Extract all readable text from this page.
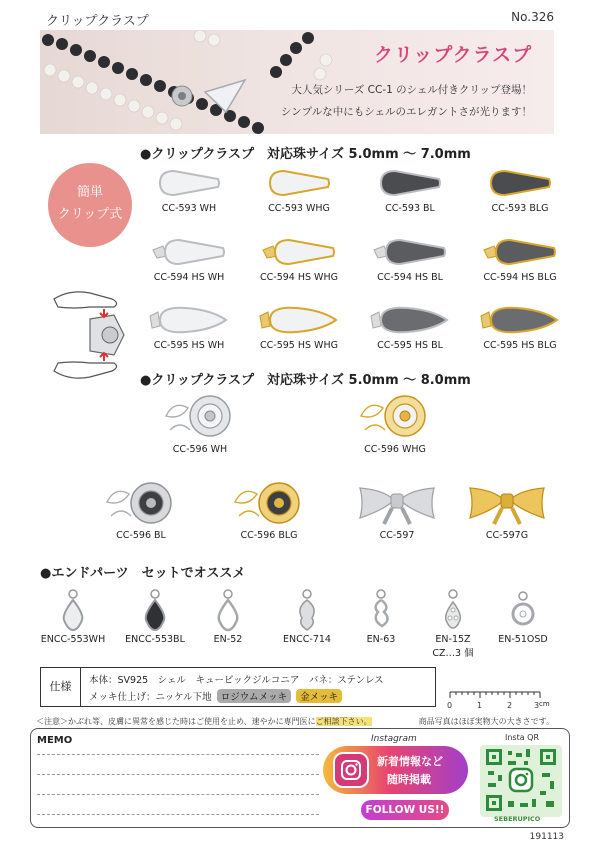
クリップクラスプ	No.326
クリップクラスプ
大人気シリーズ CC-1 のシェル付きクリップ登場！
シンプルな中にもシェルのエレガントさが光ります！
●クリップクラスプ　対応珠サイズ 5.0mm 〜 7.0mm
簡単
クリップ式	CC-593 WH	CC-593 WHG	CC-593 BL	CC-593 BLG
CC-594 HS WH	CC-594 HS WHG	CC-594 HS BL	CC-594 HS BLG
CC-595 HS WH	CC-595 HS WHG	CC-595 HS BL	CC-595 HS BLG
●クリップクラスプ　対応珠サイズ 5.0mm 〜 8.0mm
CC-596 WH	CC-596 WHG
CC-596 BL	CC-596 BLG	CC-597	CC-597G
●エンドパーツ　セットでオススメ
ENCC-553WH	ENCC-553BL	EN-52	ENCC-714	EN-63	EN-15Z
CZ…3 個
EN-51OSD
仕様	本体：SV925　シェル　キュービックジルコニア　バネ：ステンレス
メッキ仕上げ：ニッケル下地 ロジウムメッキ 金メッキ
0	1	2	3 cm
＜注意＞かぶれ等、皮膚に異常を感じた時はご使用を止め、速やかに専門医にご相談下さい。	商品写真はほぼ実物大の大きさです。
MEMO	Instagram
新着情報など
随時掲載
FOLLOW US!!
Insta QR
SEBERUPICO
191113
